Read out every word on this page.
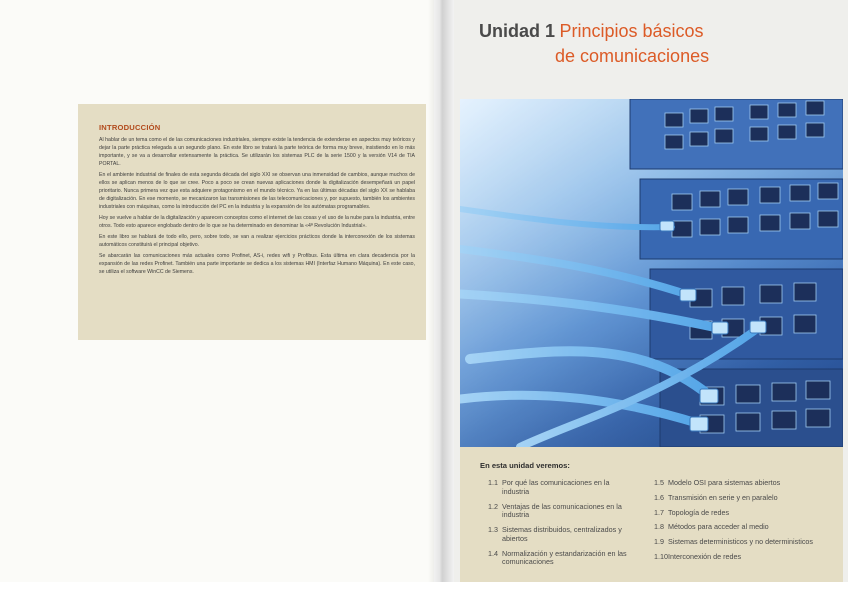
INTRODUCCIÓN

Al hablar de un tema como el de las comunicaciones industriales, siempre existe la tendencia de extenderse en aspectos muy teóricos y dejar la parte práctica relegada a un segundo plano. En este libro se tratará la parte teórica de forma muy breve, insistiendo en lo más importante, y se va a desarrollar extensamente la práctica. Se utilizarán los sistemas PLC de la serie 1500 y la versión V14 de TIA PORTAL.

En el ambiente industrial de finales de esta segunda década del siglo XXI se observan una inmensidad de cambios, aunque muchos de ellos se aplican menos de lo que se cree. Poco a poco se crean nuevas aplicaciones donde la digitalización desempeñará un papel prioritario. Nunca primera vez que esta adquiere protagonismo en el mundo técnico. Ya en las últimas décadas del siglo XX se hablaba de digitalización. En ese momento, se mecanizaron las transmisiones de las telecomunicaciones y, por supuesto, también los ambientes industriales con máquinas, como la introducción del PC en la industria y la expansión de los autómatas programables.

Hoy se vuelve a hablar de la digitalización y aparecen conceptos como el internet de las cosas y el uso de la nube para la industria, entre otros. Todo esto aparece englobado dentro de lo que se ha determinado en denominar la «4ª Revolución Industrial».

En este libro se hablará de todo ello, pero, sobre todo, se van a realizar ejercicios prácticos donde la interconexión de los sistemas automáticos constituirá el principal objetivo.

Se abarcarán las comunicaciones más actuales como Profinet, AS-i, redes wifi y Profibus. Esta última en clara decadencia por la expansión de las redes Profinet. También una parte importante se dedica a los sistemas HMI (Interfaz Humano Máquina). En este caso, se utiliza el software WinCC de Siemens.

Unidad 1 Principios básicos
de comunicaciones
En esta unidad veremos:
1.1 Por qué las comunicaciones en la industria
1.2 Ventajas de las comunicaciones en la industria
1.3 Sistemas distribuidos, centralizados y abiertos
1.4 Normalización y estandarización en las comunicaciones
1.5 Modelo OSI para sistemas abiertos
1.6 Transmisión en serie y en paralelo
1.7 Topología de redes
1.8 Métodos para acceder al medio
1.9 Sistemas deterministicos y no deterministicos
1.10 Interconexión de redes
